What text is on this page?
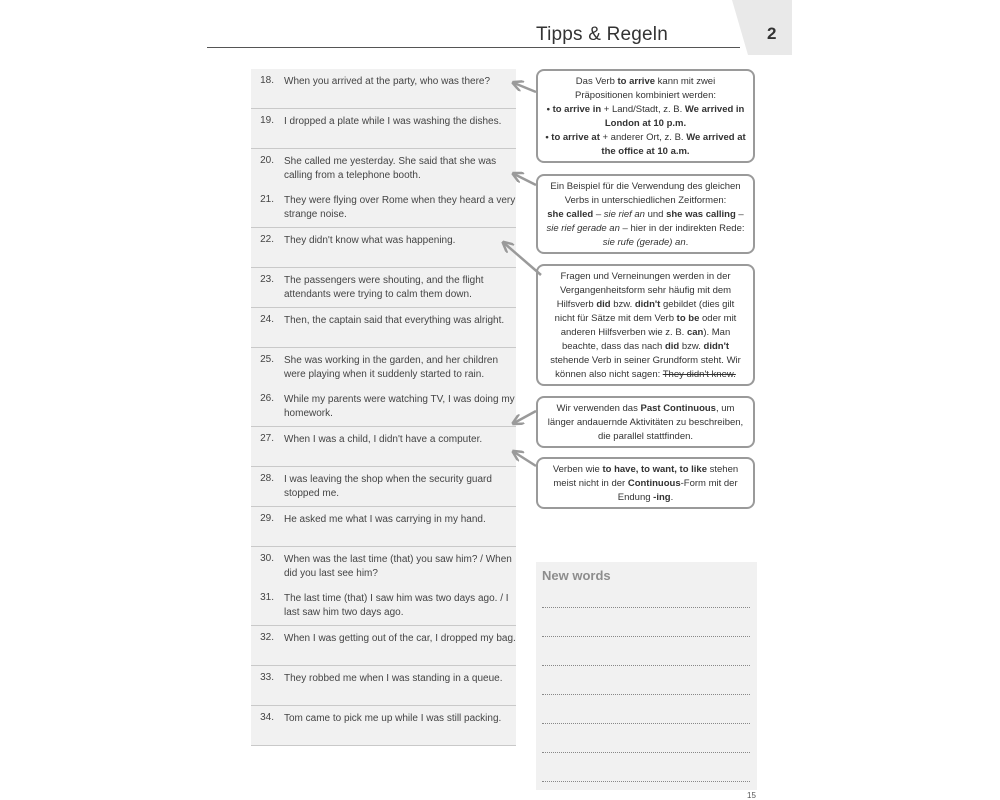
Tipps & Regeln	2
18. When you arrived at the party, who was there?
19. I dropped a plate while I was washing the dishes.
20. She called me yesterday. She said that she was calling from a telephone booth.
21. They were flying over Rome when they heard a very strange noise.
22. They didn't know what was happening.
23. The passengers were shouting, and the flight attendants were trying to calm them down.
24. Then, the captain said that everything was alright.
25. She was working in the garden, and her children were playing when it suddenly started to rain.
26. While my parents were watching TV, I was doing my homework.
27. When I was a child, I didn't have a computer.
28. I was leaving the shop when the security guard stopped me.
29. He asked me what I was carrying in my hand.
30. When was the last time (that) you saw him? / When did you last see him?
31. The last time (that) I saw him was two days ago. / I last saw him two days ago.
32. When I was getting out of the car, I dropped my bag.
33. They robbed me when I was standing in a queue.
34. Tom came to pick me up while I was still packing.
Das Verb to arrive kann mit zwei
Präpositionen kombiniert werden:
• to arrive in + Land/Stadt, z. B. We arrived in
London at 10 p.m.
• to arrive at + anderer Ort, z. B. We arrived at
the office at 10 a.m.
Ein Beispiel für die Verwendung des gleichen
Verbs in unterschiedlichen Zeitformen:
she called – sie rief an und she was calling –
sie rief gerade an – hier in der indirekten Rede:
sie rufe (gerade) an.
Fragen und Verneinungen werden in der
Vergangenheitsform sehr häufig mit dem
Hilfsverb did bzw. didn't gebildet (dies gilt
nicht für Sätze mit dem Verb to be oder mit
anderen Hilfsverben wie z. B. can). Man
beachte, dass das nach did bzw. didn't
stehende Verb in seiner Grundform steht. Wir
können also nicht sagen: They didn't knew.
Wir verwenden das Past Continuous, um
länger andauernde Aktivitäten zu beschreiben,
die parallel stattfinden.
Verben wie to have, to want, to like stehen
meist nicht in der Continuous-Form mit der
Endung -ing.
New words
15
